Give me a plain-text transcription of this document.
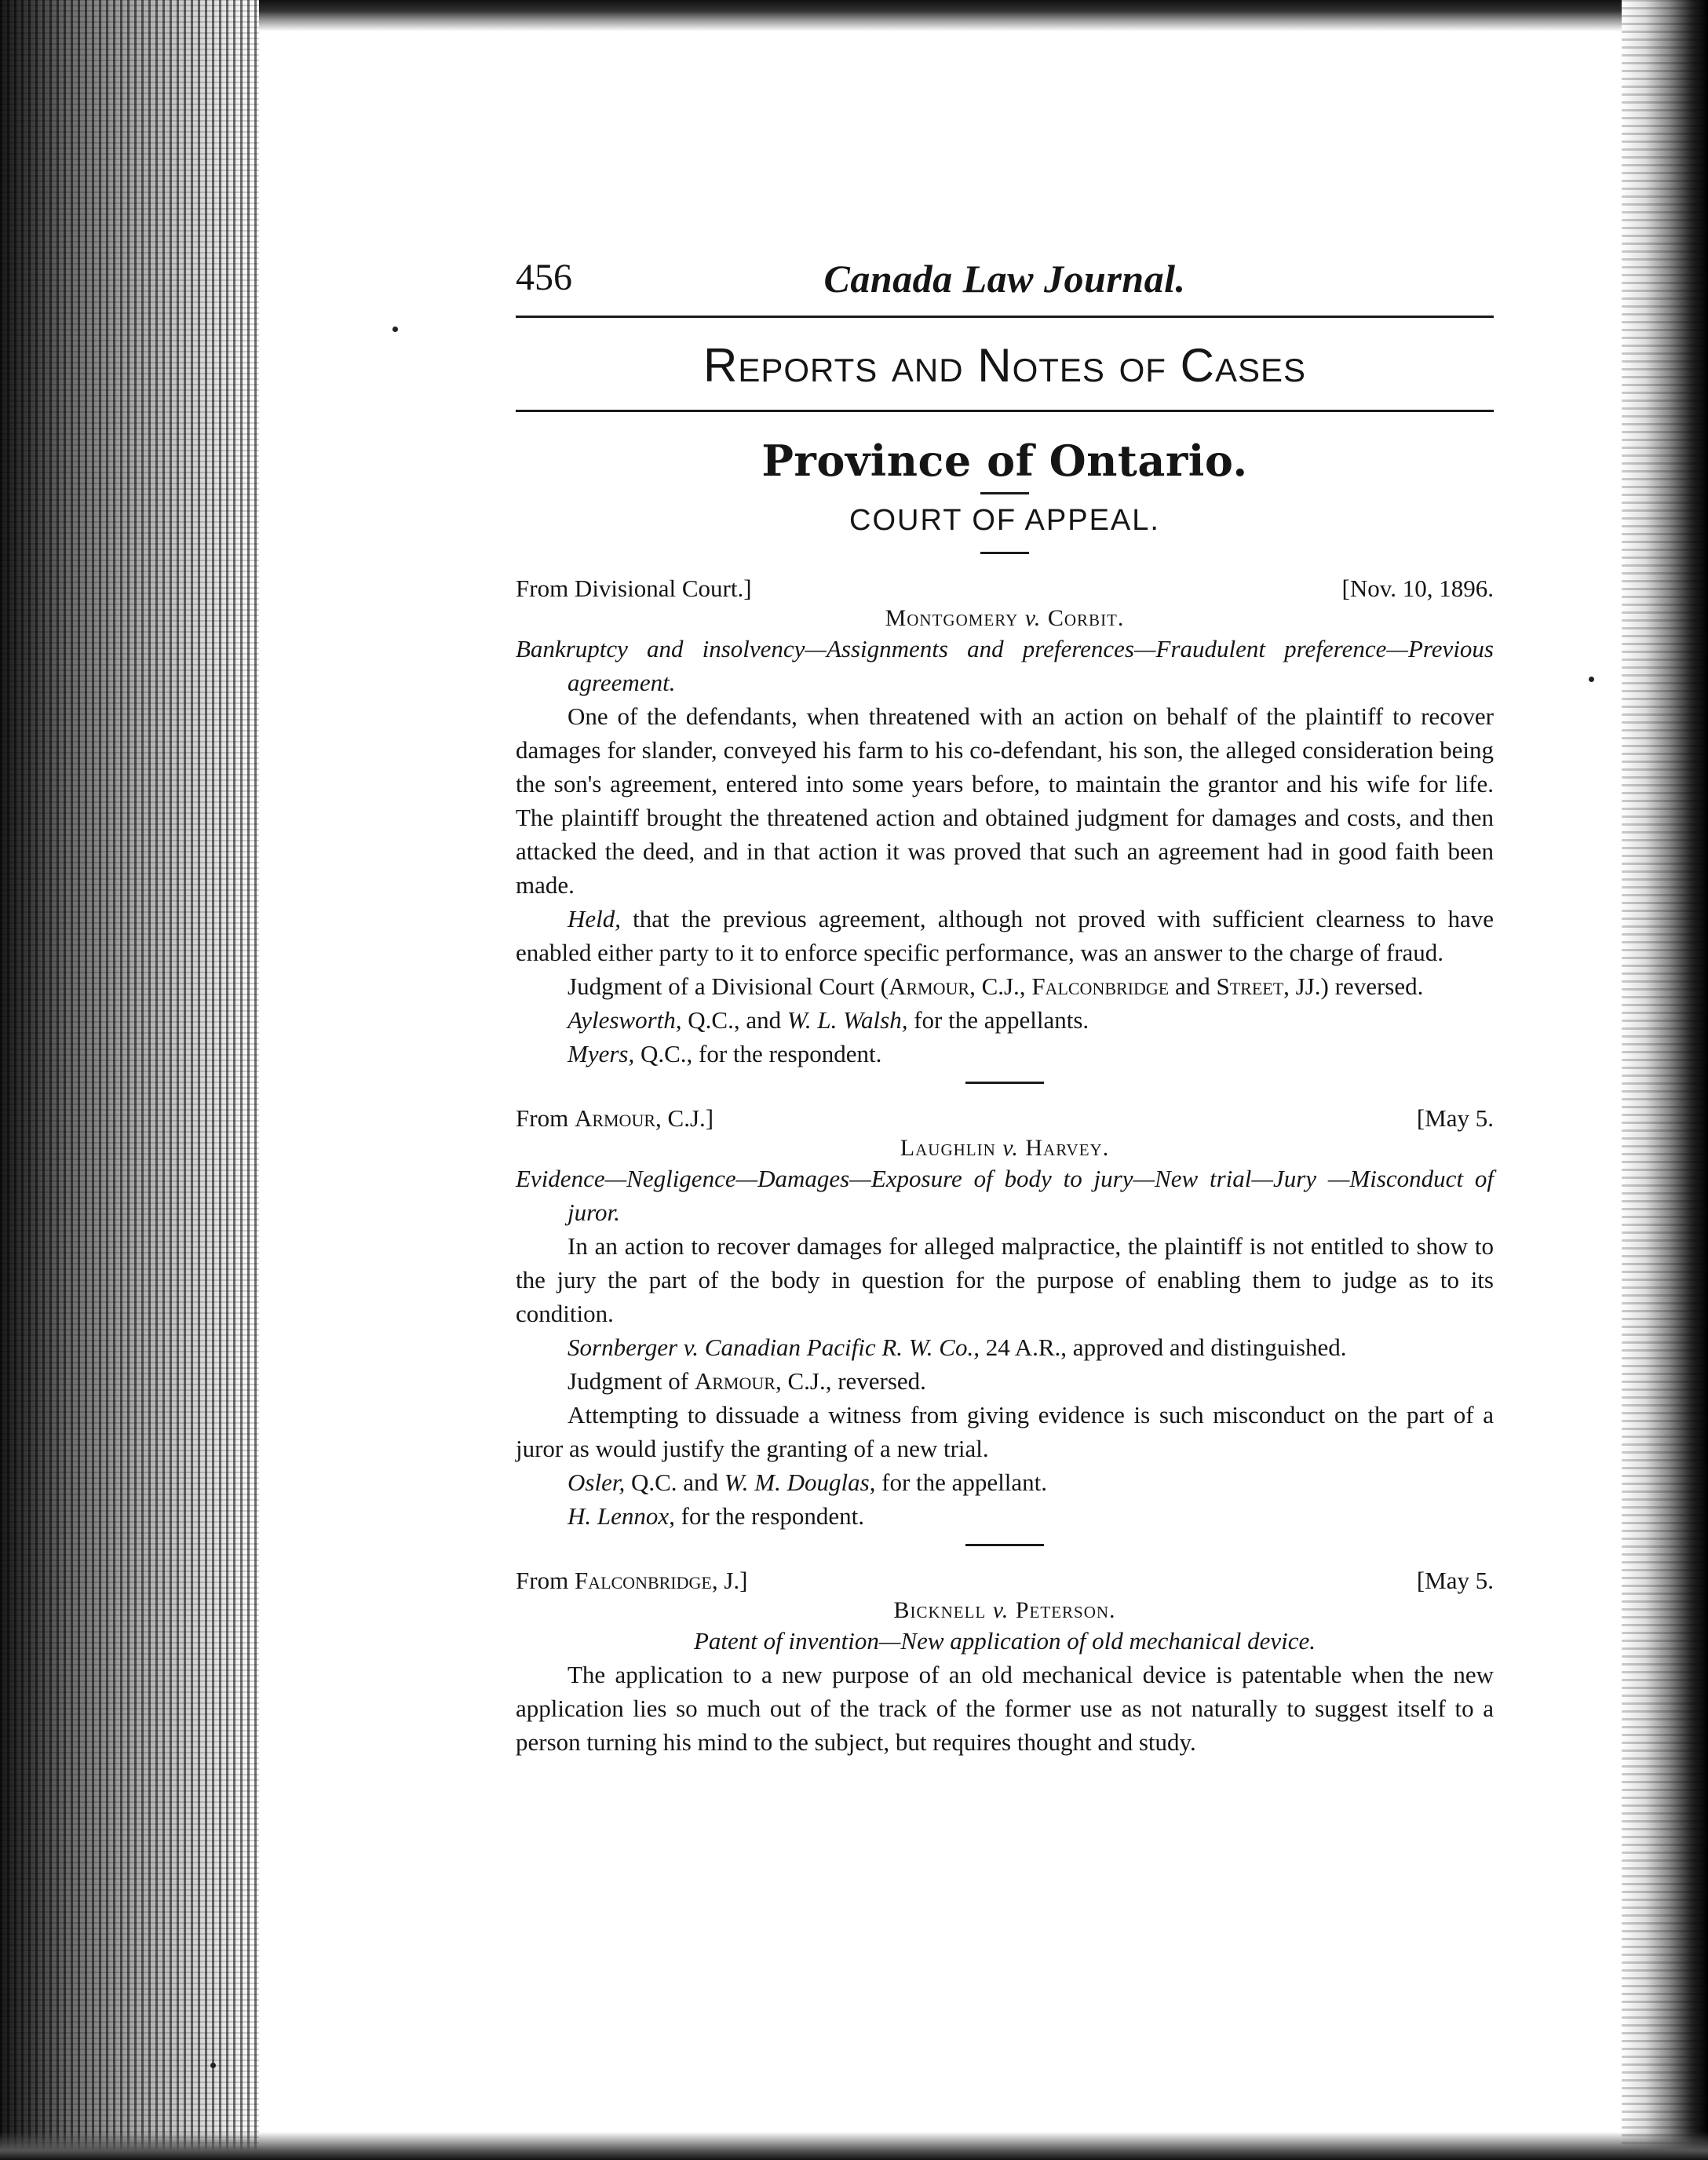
456	Canada Law Journal.
Reports and Notes of Cases
Province of Ontario.
COURT OF APPEAL.
From Divisional Court.]	[Nov. 10, 1896.
Montgomery v. Corbit.
Bankruptcy and insolvency—Assignments and preferences—Fraudulent preference—Previous agreement.

One of the defendants, when threatened with an action on behalf of the plaintiff to recover damages for slander, conveyed his farm to his co-defendant, his son, the alleged consideration being the son's agreement, entered into some years before, to maintain the grantor and his wife for life. The plaintiff brought the threatened action and obtained judgment for damages and costs, and then attacked the deed, and in that action it was proved that such an agreement had in good faith been made.

Held, that the previous agreement, although not proved with sufficient clearness to have enabled either party to it to enforce specific performance, was an answer to the charge of fraud.

Judgment of a Divisional Court (Armour, C.J., Falconbridge and Street, JJ.) reversed.

Aylesworth, Q.C., and W. L. Walsh, for the appellants.

Myers, Q.C., for the respondent.

From Armour, C.J.]	[May 5.
Laughlin v. Harvey.
Evidence—Negligence—Damages—Exposure of body to jury—New trial—Jury —Misconduct of juror.

In an action to recover damages for alleged malpractice, the plaintiff is not entitled to show to the jury the part of the body in question for the purpose of enabling them to judge as to its condition.

Sornberger v. Canadian Pacific R. W. Co., 24 A.R., approved and distinguished.

Judgment of Armour, C.J., reversed.

Attempting to dissuade a witness from giving evidence is such misconduct on the part of a juror as would justify the granting of a new trial.

Osler, Q.C. and W. M. Douglas, for the appellant.

H. Lennox, for the respondent.

From Falconbridge, J.]	[May 5.
Bicknell v. Peterson.
Patent of invention—New application of old mechanical device.

The application to a new purpose of an old mechanical device is patentable when the new application lies so much out of the track of the former use as not naturally to suggest itself to a person turning his mind to the subject, but requires thought and study.
